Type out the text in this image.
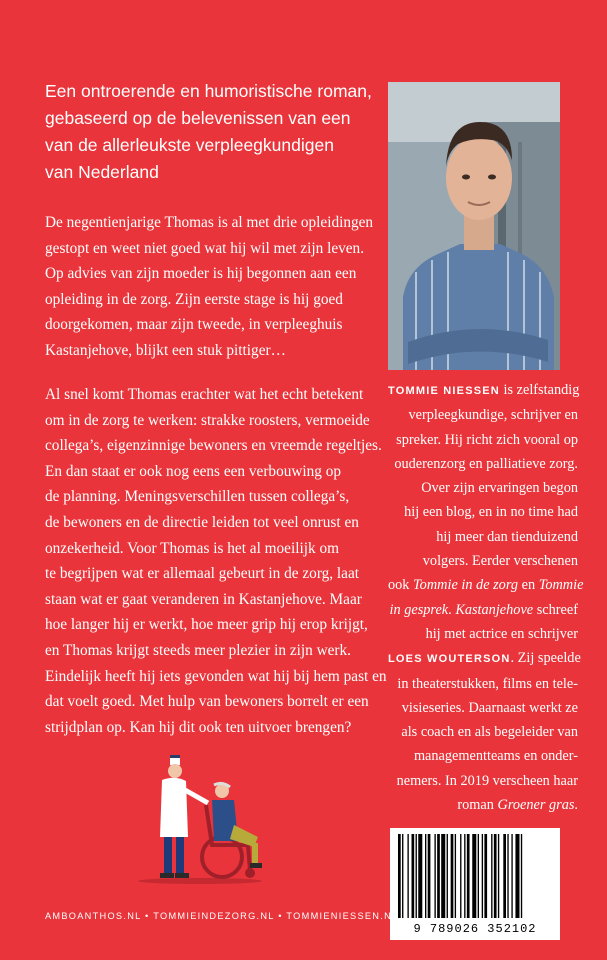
Een ontroerende en humoristische roman,
gebaseerd op de belevenissen van een
van de allerleukste verpleegkundigen
van Nederland
De negentienjarige Thomas is al met drie opleidingen
gestopt en weet niet goed wat hij wil met zijn leven.
Op advies van zijn moeder is hij begonnen aan een
opleiding in de zorg. Zijn eerste stage is hij goed
doorgekomen, maar zijn tweede, in verpleeghuis
Kastanjehove, blijkt een stuk pittiger…
Al snel komt Thomas erachter wat het echt betekent
om in de zorg te werken: strakke roosters, vermoeide
collega’s, eigenzinnige bewoners en vreemde regeltjes.
En dan staat er ook nog eens een verbouwing op
de planning. Meningsverschillen tussen collega’s,
de bewoners en de directie leiden tot veel onrust en
onzekerheid. Voor Thomas is het al moeilijk om
te begrijpen wat er allemaal gebeurt in de zorg, laat
staan wat er gaat veranderen in Kastanjehove. Maar
hoe langer hij er werkt, hoe meer grip hij erop krijgt,
en Thomas krijgt steeds meer plezier in zijn werk.
Eindelijk heeft hij iets gevonden wat hij bij hem past en
dat voelt goed. Met hulp van bewoners borrelt er een
strijdplan op. Kan hij dit ook ten uitvoer brengen?
TOMMIE NIESSEN is zelfstandig
verpleegkundige, schrijver en
spreker. Hij richt zich vooral op
ouderenzorg en palliatieve zorg.
Over zijn ervaringen begon
hij een blog, en in no time had
hij meer dan tienduizend
volgers. Eerder verschenen
ook Tommie in de zorg en Tommie
in gesprek. Kastanjehove schreef
hij met actrice en schrijver
LOES WOUTERSON. Zij speelde
in theaterstukken, films en tele-
visieseries. Daarnaast werkt ze
als coach en als begeleider van
managementteams en onder-
nemers. In 2019 verscheen haar
roman Groener gras.
9 789026 352102
AMBOANTHOS.NL • TOMMIEINDEZORG.NL • TOMMIENIESSEN.NL
